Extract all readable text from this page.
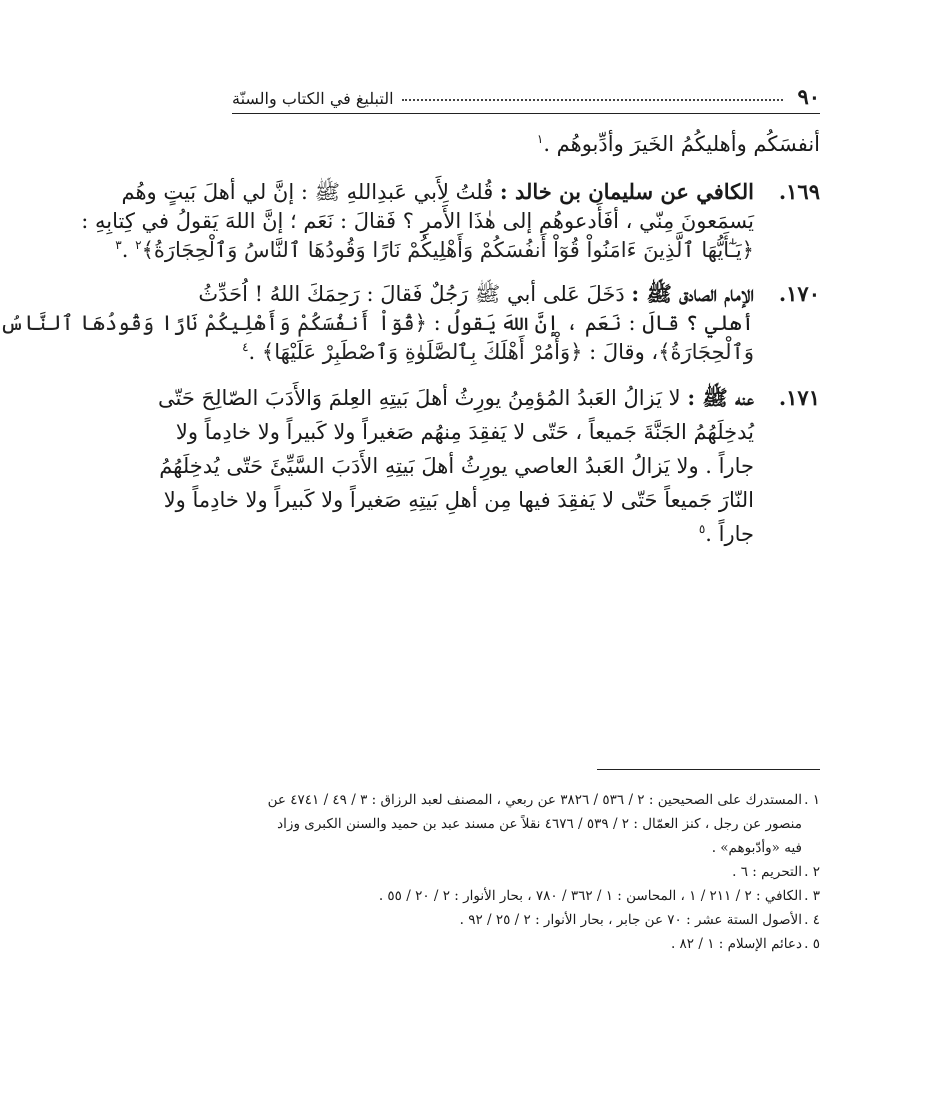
٩٠
التبليغ في الكتاب والسنّة
أنفسَكُم وأهليكُمُ الخَيرَ وأدِّبوهُم .$^١$
١٦٩.
الكافي عن سليمان بن خالد : قُلتُ لِأَبي عَبدِاللهِ ﷺ : إنَّ لي أهلَ بَيتٍ وهُم
يَسمَعونَ مِنّي ، أفَأَدعوهُم إلى هٰذَا الأَمرِ ؟ فَقالَ : نَعَم ؛ إنَّ اللهَ يَقولُ في كِتابِهِ :
﴿يَـٰٓأَيُّهَا ٱلَّذِينَ ءَامَنُواْ قُوٓاْ أَنفُسَكُمْ وَأَهْلِيكُمْ نَارًا وَقُودُهَا ٱلنَّاسُ وَٱلْحِجَارَةُ﴾$^٢$ .$^٣$
١٧٠.
الإمام الصادق ﷺ : دَخَلَ عَلى أبي ﷺ رَجُلٌ فَقالَ : رَحِمَكَ اللهُ ! اُحَدِّثُ
أهلي ؟ قالَ : نَعَم ، إنَّ اللهَ يَقولُ : ﴿قُوٓاْ أَنفُسَكُمْ وَأَهْلِيكُمْ نَارًا وَقُودُهَا ٱلنَّاسُ
وَٱلْحِجَارَةُ﴾، وقالَ : ﴿وَأْمُرْ أَهْلَكَ بِٱلصَّلَوٰةِ وَٱصْطَبِرْ عَلَيْهَا﴾ .$^٤$
١٧١.
عنه ﷺ : لا يَزالُ العَبدُ المُؤمِنُ يورِثُ أهلَ بَيتِهِ العِلمَ وَالأَدَبَ الصّالِحَ حَتّى
يُدخِلَهُمُ الجَنَّةَ جَميعاً ، حَتّى لا يَفقِدَ مِنهُم صَغيراً ولا كَبيراً ولا خادِماً ولا
جاراً . ولا يَزالُ العَبدُ العاصي يورِثُ أهلَ بَيتِهِ الأَدَبَ السَّيِّئَ حَتّى يُدخِلَهُمُ
النّارَ جَميعاً حَتّى لا يَفقِدَ فيها مِن أهلِ بَيتِهِ صَغيراً ولا كَبيراً ولا خادِماً ولا
جاراً .$^٥$
١ .المستدرك على الصحيحين : ٢ / ٥٣٦ / ٣٨٢٦ عن ربعي ، المصنف لعبد الرزاق : ٣ / ٤٩ / ٤٧٤١ عن
منصور عن رجل ، كنز العمّال : ٢ / ٥٣٩ / ٤٦٧٦ نقلاً عن مسند عبد بن حميد والسنن الكبرى وزاد
فيه «وأدّبوهم» .
٢ .التحريم : ٦ .
٣ .الكافي : ٢ / ٢١١ / ١ ، المحاسن : ١ / ٣٦٢ / ٧٨٠ ، بحار الأنوار : ٢ / ٢٠ / ٥٥ .
٤ .الأصول الستة عشر : ٧٠ عن جابر ، بحار الأنوار : ٢ / ٢٥ / ٩٢ .
٥ .دعائم الإسلام : ١ / ٨٢ .
